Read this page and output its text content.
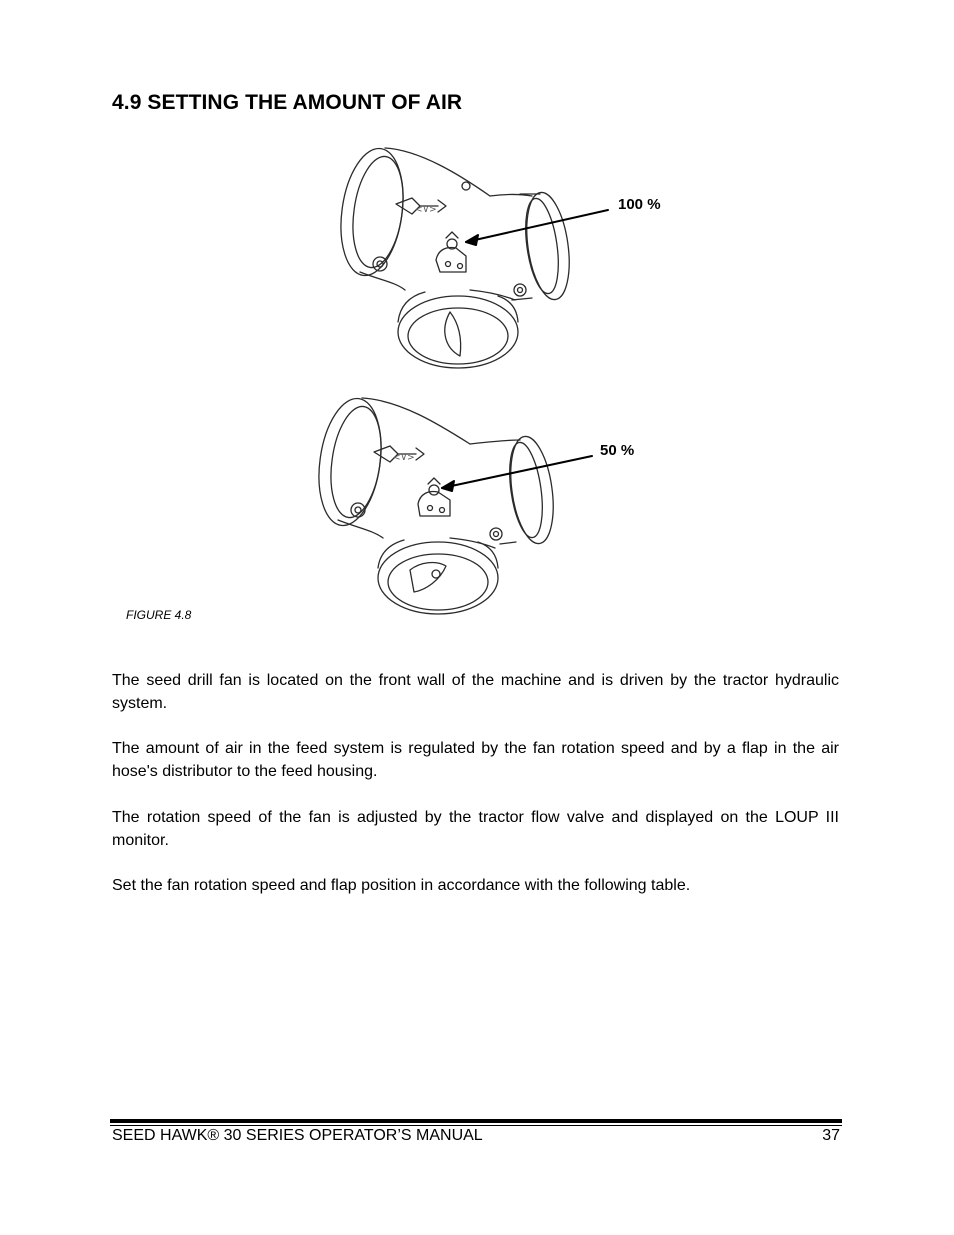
4.9 SETTING THE AMOUNT OF AIR
<∨>
<∨>
100 %
50 %
FIGURE 4.8

The seed drill fan is located on the front wall of the machine and is driven by the tractor hydraulic system.

The amount of air in the feed system is regulated by the fan rotation speed and by a flap in the air hose's distributor to the feed housing.

The rotation speed of the fan is adjusted by the tractor flow valve and displayed on the LOUP III monitor.

Set the fan rotation speed and flap position in accordance with the following table.

SEED HAWK® 30 SERIES OPERATOR’S MANUAL	37
